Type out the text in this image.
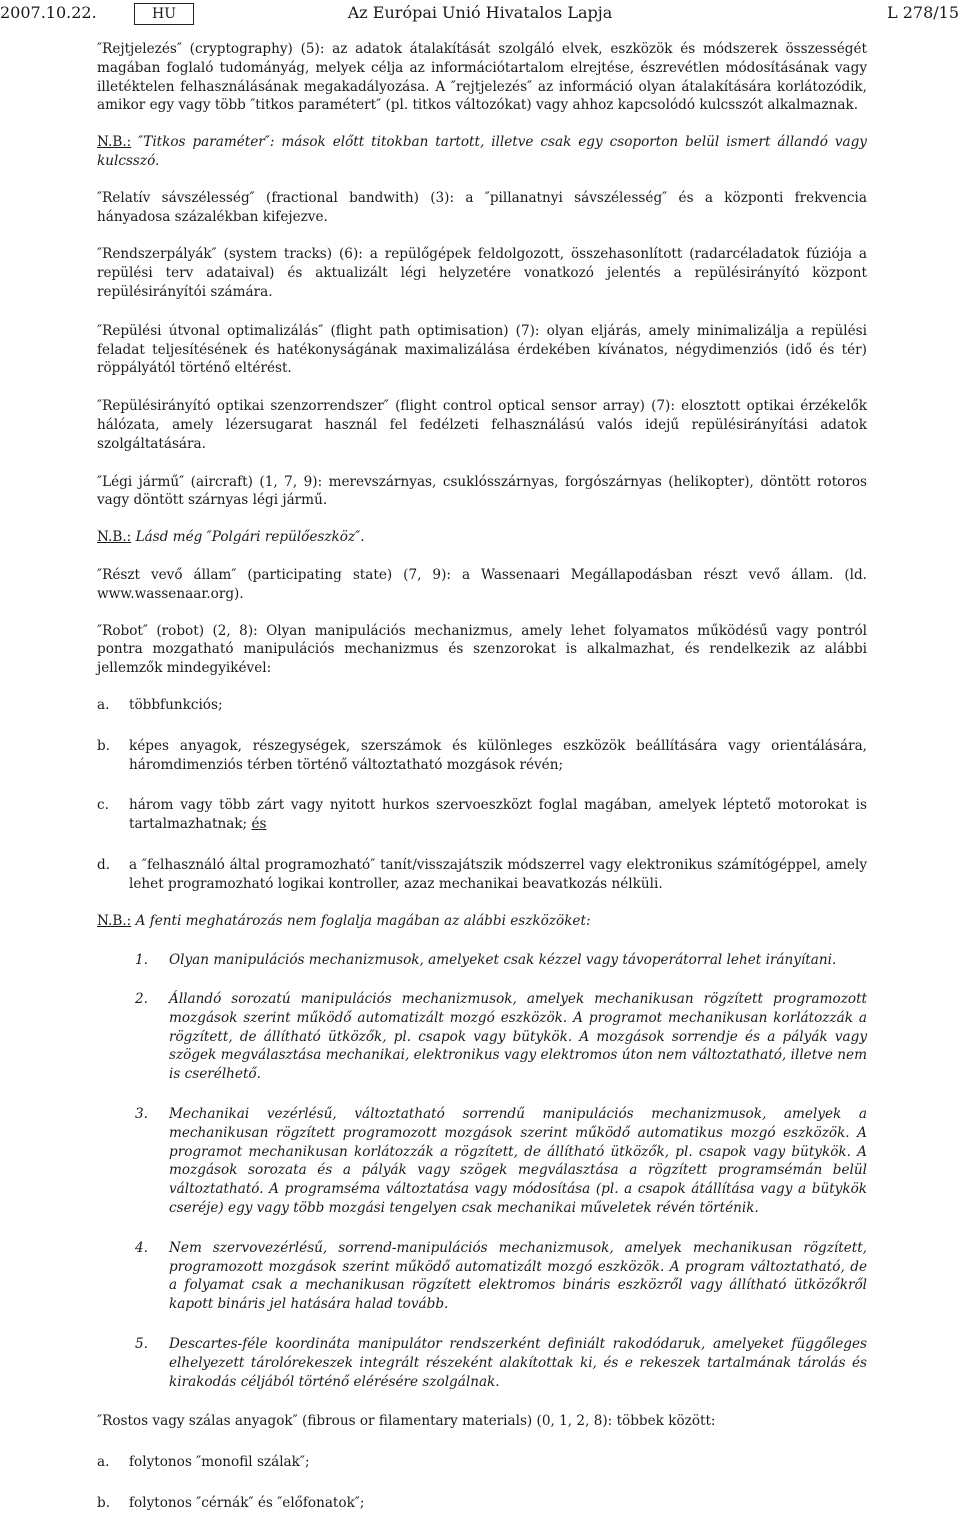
2007.10.22.	Az Európai Unió Hivatalos Lapja
HU	L 278/15

″Rejtjelezés″ (cryptography) (5): az adatok átalakítását szolgáló elvek, eszközök és módszerek összességét magában foglaló tudományág, melyek célja az információtartalom elrejtése, észrevétlen módosításának vagy illetéktelen felhasználásának megakadályozása. A ″rejtjelezés″ az információ olyan átalakítására korlátozódik, amikor egy vagy több ″titkos paramétert″ (pl. titkos változókat) vagy ahhoz kapcsolódó kulcsszót alkalmaznak.

N.B.: ″Titkos paraméter″: mások előtt titokban tartott, illetve csak egy csoporton belül ismert állandó vagy kulcsszó.

″Relatív sávszélesség″ (fractional bandwith) (3): a ″pillanatnyi sávszélesség″ és a központi frekvencia hányadosa százalékban kifejezve.

″Rendszerpályák″ (system tracks) (6): a repülőgépek feldolgozott, összehasonlított (radarcéladatok fúziója a repülési terv adataival) és aktualizált légi helyzetére vonatkozó jelentés a repülésirányító központ repülésirányítói számára.

″Repülési útvonal optimalizálás″ (flight path optimisation) (7): olyan eljárás, amely minimalizálja a repülési feladat teljesítésének és hatékonyságának maximalizálása érdekében kívánatos, négydimenziós (idő és tér) röppályától történő eltérést.

″Repülésirányító optikai szenzorrendszer″ (flight control optical sensor array) (7): elosztott optikai érzékelők hálózata, amely lézersugarat használ fel fedélzeti felhasználású valós idejű repülésirányítási adatok szolgáltatására.

″Légi jármű″ (aircraft) (1, 7, 9): merevszárnyas, csuklósszárnyas, forgószárnyas (helikopter), döntött rotoros vagy döntött szárnyas légi jármű.

N.B.: Lásd még ″Polgári repülőeszköz″.

″Részt vevő állam″ (participating state) (7, 9): a Wassenaari Megállapodásban részt vevő állam. (ld. www.wassenaar.org).

″Robot″ (robot) (2, 8): Olyan manipulációs mechanizmus, amely lehet folyamatos működésű vagy pontról pontra mozgatható manipulációs mechanizmus és szenzorokat is alkalmazhat, és rendelkezik az alábbi jellemzők mindegyikével:

a. többfunkciós;
b. képes anyagok, részegységek, szerszámok és különleges eszközök beállítására vagy orientálására, háromdimenziós térben történő változtatható mozgások révén;
c. három vagy több zárt vagy nyitott hurkos szervoeszközt foglal magában, amelyek léptető motorokat is tartalmazhatnak; és
d. a ″felhasználó által programozható″ tanít/visszajátszik módszerrel vagy elektronikus számítógéppel, amely lehet programozható logikai kontroller, azaz mechanikai beavatkozás nélküli.

N.B.: A fenti meghatározás nem foglalja magában az alábbi eszközöket:

1. Olyan manipulációs mechanizmusok, amelyeket csak kézzel vagy távoperátorral lehet irányítani.
2. Állandó sorozatú manipulációs mechanizmusok, amelyek mechanikusan rögzített programozott mozgások szerint működő automatizált mozgó eszközök. A programot mechanikusan korlátozzák a rögzített, de állítható ütközők, pl. csapok vagy bütykök. A mozgások sorrendje és a pályák vagy szögek megválasztása mechanikai, elektronikus vagy elektromos úton nem változtatható, illetve nem is cserélhető.
3. Mechanikai vezérlésű, változtatható sorrendű manipulációs mechanizmusok, amelyek a mechanikusan rögzített programozott mozgások szerint működő automatikus mozgó eszközök. A programot mechanikusan korlátozzák a rögzített, de állítható ütközők, pl. csapok vagy bütykök. A mozgások sorozata és a pályák vagy szögek megválasztása a rögzített programsémán belül változtatható. A programséma változtatása vagy módosítása (pl. a csapok átállítása vagy a bütykök cseréje) egy vagy több mozgási tengelyen csak mechanikai műveletek révén történik.
4. Nem szervovezérlésű, sorrend-manipulációs mechanizmusok, amelyek mechanikusan rögzített, programozott mozgások szerint működő automatizált mozgó eszközök. A program változtatható, de a folyamat csak a mechanikusan rögzített elektromos bináris eszközről vagy állítható ütközőkről kapott bináris jel hatására halad tovább.
5. Descartes-féle koordináta manipulátor rendszerként definiált rakodódaruk, amelyeket függőleges elhelyezett tárolórekeszek integrált részeként alakítottak ki, és e rekeszek tartalmának tárolás és kirakodás céljából történő elérésére szolgálnak.

″Rostos vagy szálas anyagok″ (fibrous or filamentary materials) (0, 1, 2, 8): többek között:

a. folytonos ″monofil szálak″;
b. folytonos ″cérnák″ és ″előfonatok″;
